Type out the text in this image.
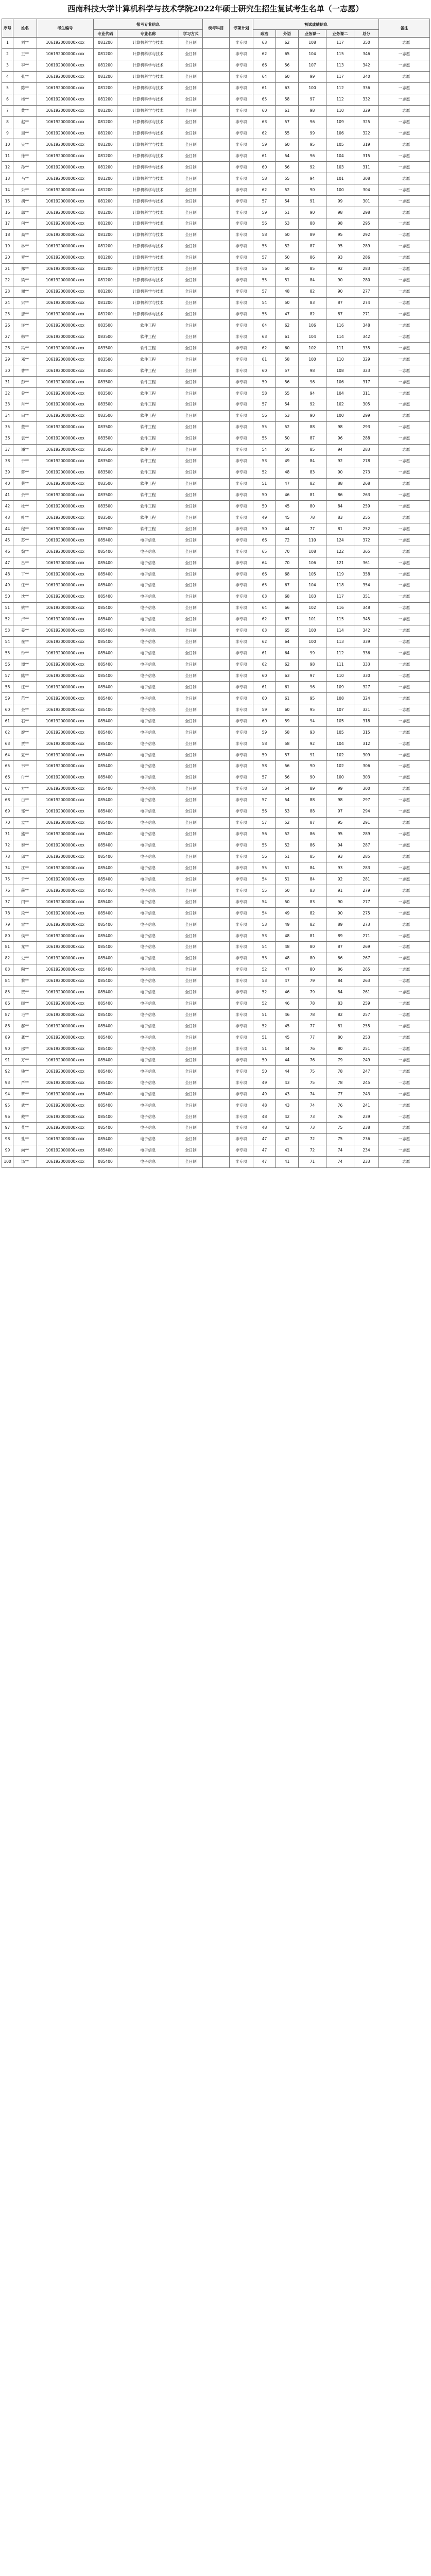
西南科技大学计算机科学与技术学院2022年硕士研究生招生复试考生名单（一志愿）
序号	姓名	考生编号	报考专业信息			统考科目	专项计划	初试成绩信息					备注
			专业代码	专业名称	学习方式			政治	外语	业务课一	业务课二	总分	
1	刘**	106192000000xxxx	081200	计算机科学与技术	全日制		非专项	63	62	108	117	350	一志愿
2	王**	106192000000xxxx	081200	计算机科学与技术	全日制		非专项	62	65	104	115	346	一志愿
3	李**	106192000000xxxx	081200	计算机科学与技术	全日制		非专项	66	56	107	113	342	一志愿
4	张**	106192000000xxxx	081200	计算机科学与技术	全日制		非专项	64	60	99	117	340	一志愿
5	陈**	106192000000xxxx	081200	计算机科学与技术	全日制		非专项	61	63	100	112	336	一志愿
6	杨**	106192000000xxxx	081200	计算机科学与技术	全日制		非专项	65	58	97	112	332	一志愿
7	黄**	106192000000xxxx	081200	计算机科学与技术	全日制		非专项	60	61	98	110	329	一志愿
8	赵**	106192000000xxxx	081200	计算机科学与技术	全日制		非专项	63	57	96	109	325	一志愿
9	周**	106192000000xxxx	081200	计算机科学与技术	全日制		非专项	62	55	99	106	322	一志愿
10	吴**	106192000000xxxx	081200	计算机科学与技术	全日制		非专项	59	60	95	105	319	一志愿
11	徐**	106192000000xxxx	081200	计算机科学与技术	全日制		非专项	61	54	96	104	315	一志愿
12	孙**	106192000000xxxx	081200	计算机科学与技术	全日制		非专项	60	56	92	103	311	一志愿
13	马**	106192000000xxxx	081200	计算机科学与技术	全日制		非专项	58	55	94	101	308	一志愿
14	朱**	106192000000xxxx	081200	计算机科学与技术	全日制		非专项	62	52	90	100	304	一志愿
15	胡**	106192000000xxxx	081200	计算机科学与技术	全日制		非专项	57	54	91	99	301	一志愿
16	郭**	106192000000xxxx	081200	计算机科学与技术	全日制		非专项	59	51	90	98	298	一志愿
17	何**	106192000000xxxx	081200	计算机科学与技术	全日制		非专项	56	53	88	98	295	一志愿
18	高**	106192000000xxxx	081200	计算机科学与技术	全日制		非专项	58	50	89	95	292	一志愿
19	林**	106192000000xxxx	081200	计算机科学与技术	全日制		非专项	55	52	87	95	289	一志愿
20	罗**	106192000000xxxx	081200	计算机科学与技术	全日制		非专项	57	50	86	93	286	一志愿
21	郑**	106192000000xxxx	081200	计算机科学与技术	全日制		非专项	56	50	85	92	283	一志愿
22	梁**	106192000000xxxx	081200	计算机科学与技术	全日制		非专项	55	51	84	90	280	一志愿
23	谢**	106192000000xxxx	081200	计算机科学与技术	全日制		非专项	57	48	82	90	277	一志愿
24	宋**	106192000000xxxx	081200	计算机科学与技术	全日制		非专项	54	50	83	87	274	一志愿
25	唐**	106192000000xxxx	081200	计算机科学与技术	全日制		非专项	55	47	82	87	271	一志愿
26	许**	106192000000xxxx	083500	软件工程	全日制		非专项	64	62	106	116	348	一志愿
27	韩**	106192000000xxxx	083500	软件工程	全日制		非专项	63	61	104	114	342	一志愿
28	冯**	106192000000xxxx	083500	软件工程	全日制		非专项	62	60	102	111	335	一志愿
29	邓**	106192000000xxxx	083500	软件工程	全日制		非专项	61	58	100	110	329	一志愿
30	曹**	106192000000xxxx	083500	软件工程	全日制		非专项	60	57	98	108	323	一志愿
31	彭**	106192000000xxxx	083500	软件工程	全日制		非专项	59	56	96	106	317	一志愿
32	曾**	106192000000xxxx	083500	软件工程	全日制		非专项	58	55	94	104	311	一志愿
33	肖**	106192000000xxxx	083500	软件工程	全日制		非专项	57	54	92	102	305	一志愿
34	田**	106192000000xxxx	083500	软件工程	全日制		非专项	56	53	90	100	299	一志愿
35	董**	106192000000xxxx	083500	软件工程	全日制		非专项	55	52	88	98	293	一志愿
36	袁**	106192000000xxxx	083500	软件工程	全日制		非专项	55	50	87	96	288	一志愿
37	潘**	106192000000xxxx	083500	软件工程	全日制		非专项	54	50	85	94	283	一志愿
38	于**	106192000000xxxx	083500	软件工程	全日制		非专项	53	49	84	92	278	一志愿
39	蒋**	106192000000xxxx	083500	软件工程	全日制		非专项	52	48	83	90	273	一志愿
40	蔡**	106192000000xxxx	083500	软件工程	全日制		非专项	51	47	82	88	268	一志愿
41	余**	106192000000xxxx	083500	软件工程	全日制		非专项	50	46	81	86	263	一志愿
42	杜**	106192000000xxxx	083500	软件工程	全日制		非专项	50	45	80	84	259	一志愿
43	叶**	106192000000xxxx	083500	软件工程	全日制		非专项	49	45	78	83	255	一志愿
44	程**	106192000000xxxx	083500	软件工程	全日制		非专项	50	44	77	81	252	一志愿
45	苏**	106192000000xxxx	085400	电子信息	全日制		非专项	66	72	110	124	372	一志愿
46	魏**	106192000000xxxx	085400	电子信息	全日制		非专项	65	70	108	122	365	一志愿
47	吕**	106192000000xxxx	085400	电子信息	全日制		非专项	64	70	106	121	361	一志愿
48	丁**	106192000000xxxx	085400	电子信息	全日制		非专项	66	68	105	119	358	一志愿
49	任**	106192000000xxxx	085400	电子信息	全日制		非专项	65	67	104	118	354	一志愿
50	沈**	106192000000xxxx	085400	电子信息	全日制		非专项	63	68	103	117	351	一志愿
51	姚**	106192000000xxxx	085400	电子信息	全日制		非专项	64	66	102	116	348	一志愿
52	卢**	106192000000xxxx	085400	电子信息	全日制		非专项	62	67	101	115	345	一志愿
53	姜**	106192000000xxxx	085400	电子信息	全日制		非专项	63	65	100	114	342	一志愿
54	崔**	106192000000xxxx	085400	电子信息	全日制		非专项	62	64	100	113	339	一志愿
55	钟**	106192000000xxxx	085400	电子信息	全日制		非专项	61	64	99	112	336	一志愿
56	谭**	106192000000xxxx	085400	电子信息	全日制		非专项	62	62	98	111	333	一志愿
57	陆**	106192000000xxxx	085400	电子信息	全日制		非专项	60	63	97	110	330	一志愿
58	汪**	106192000000xxxx	085400	电子信息	全日制		非专项	61	61	96	109	327	一志愿
59	范**	106192000000xxxx	085400	电子信息	全日制		非专项	60	61	95	108	324	一志愿
60	金**	106192000000xxxx	085400	电子信息	全日制		非专项	59	60	95	107	321	一志愿
61	石**	106192000000xxxx	085400	电子信息	全日制		非专项	60	59	94	105	318	一志愿
62	廖**	106192000000xxxx	085400	电子信息	全日制		非专项	59	58	93	105	315	一志愿
63	贾**	106192000000xxxx	085400	电子信息	全日制		非专项	58	58	92	104	312	一志愿
64	夏**	106192000000xxxx	085400	电子信息	全日制		非专项	59	57	91	102	309	一志愿
65	韦**	106192000000xxxx	085400	电子信息	全日制		非专项	58	56	90	102	306	一志愿
66	付**	106192000000xxxx	085400	电子信息	全日制		非专项	57	56	90	100	303	一志愿
67	方**	106192000000xxxx	085400	电子信息	全日制		非专项	58	54	89	99	300	一志愿
68	白**	106192000000xxxx	085400	电子信息	全日制		非专项	57	54	88	98	297	一志愿
69	邹**	106192000000xxxx	085400	电子信息	全日制		非专项	56	53	88	97	294	一志愿
70	孟**	106192000000xxxx	085400	电子信息	全日制		非专项	57	52	87	95	291	一志愿
71	熊**	106192000000xxxx	085400	电子信息	全日制		非专项	56	52	86	95	289	一志愿
72	秦**	106192000000xxxx	085400	电子信息	全日制		非专项	55	52	86	94	287	一志愿
73	邱**	106192000000xxxx	085400	电子信息	全日制		非专项	56	51	85	93	285	一志愿
74	江**	106192000000xxxx	085400	电子信息	全日制		非专项	55	51	84	93	283	一志愿
75	尹**	106192000000xxxx	085400	电子信息	全日制		非专项	54	51	84	92	281	一志愿
76	薛**	106192000000xxxx	085400	电子信息	全日制		非专项	55	50	83	91	279	一志愿
77	闫**	106192000000xxxx	085400	电子信息	全日制		非专项	54	50	83	90	277	一志愿
78	段**	106192000000xxxx	085400	电子信息	全日制		非专项	54	49	82	90	275	一志愿
79	雷**	106192000000xxxx	085400	电子信息	全日制		非专项	53	49	82	89	273	一志愿
80	侯**	106192000000xxxx	085400	电子信息	全日制		非专项	53	48	81	89	271	一志愿
81	龙**	106192000000xxxx	085400	电子信息	全日制		非专项	54	48	80	87	269	一志愿
82	史**	106192000000xxxx	085400	电子信息	全日制		非专项	53	48	80	86	267	一志愿
83	陶**	106192000000xxxx	085400	电子信息	全日制		非专项	52	47	80	86	265	一志愿
84	黎**	106192000000xxxx	085400	电子信息	全日制		非专项	53	47	79	84	263	一志愿
85	贺**	106192000000xxxx	085400	电子信息	全日制		非专项	52	46	79	84	261	一志愿
86	顾**	106192000000xxxx	085400	电子信息	全日制		非专项	52	46	78	83	259	一志愿
87	毛**	106192000000xxxx	085400	电子信息	全日制		非专项	51	46	78	82	257	一志愿
88	郝**	106192000000xxxx	085400	电子信息	全日制		非专项	52	45	77	81	255	一志愿
89	龚**	106192000000xxxx	085400	电子信息	全日制		非专项	51	45	77	80	253	一志愿
90	邵**	106192000000xxxx	085400	电子信息	全日制		非专项	51	44	76	80	251	一志愿
91	万**	106192000000xxxx	085400	电子信息	全日制		非专项	50	44	76	79	249	一志愿
92	钱**	106192000000xxxx	085400	电子信息	全日制		非专项	50	44	75	78	247	一志愿
93	严**	106192000000xxxx	085400	电子信息	全日制		非专项	49	43	75	78	245	一志愿
94	覃**	106192000000xxxx	085400	电子信息	全日制		非专项	49	43	74	77	243	一志愿
95	武**	106192000000xxxx	085400	电子信息	全日制		非专项	48	43	74	76	241	一志愿
96	戴**	106192000000xxxx	085400	电子信息	全日制		非专项	48	42	73	76	239	一志愿
97	莫**	106192000000xxxx	085400	电子信息	全日制		非专项	48	42	73	75	238	一志愿
98	孔**	106192000000xxxx	085400	电子信息	全日制		非专项	47	42	72	75	236	一志愿
99	向**	106192000000xxxx	085400	电子信息	全日制		非专项	47	41	72	74	234	一志愿
100	汤**	106192000000xxxx	085400	电子信息	全日制		非专项	47	41	71	74	233	一志愿
